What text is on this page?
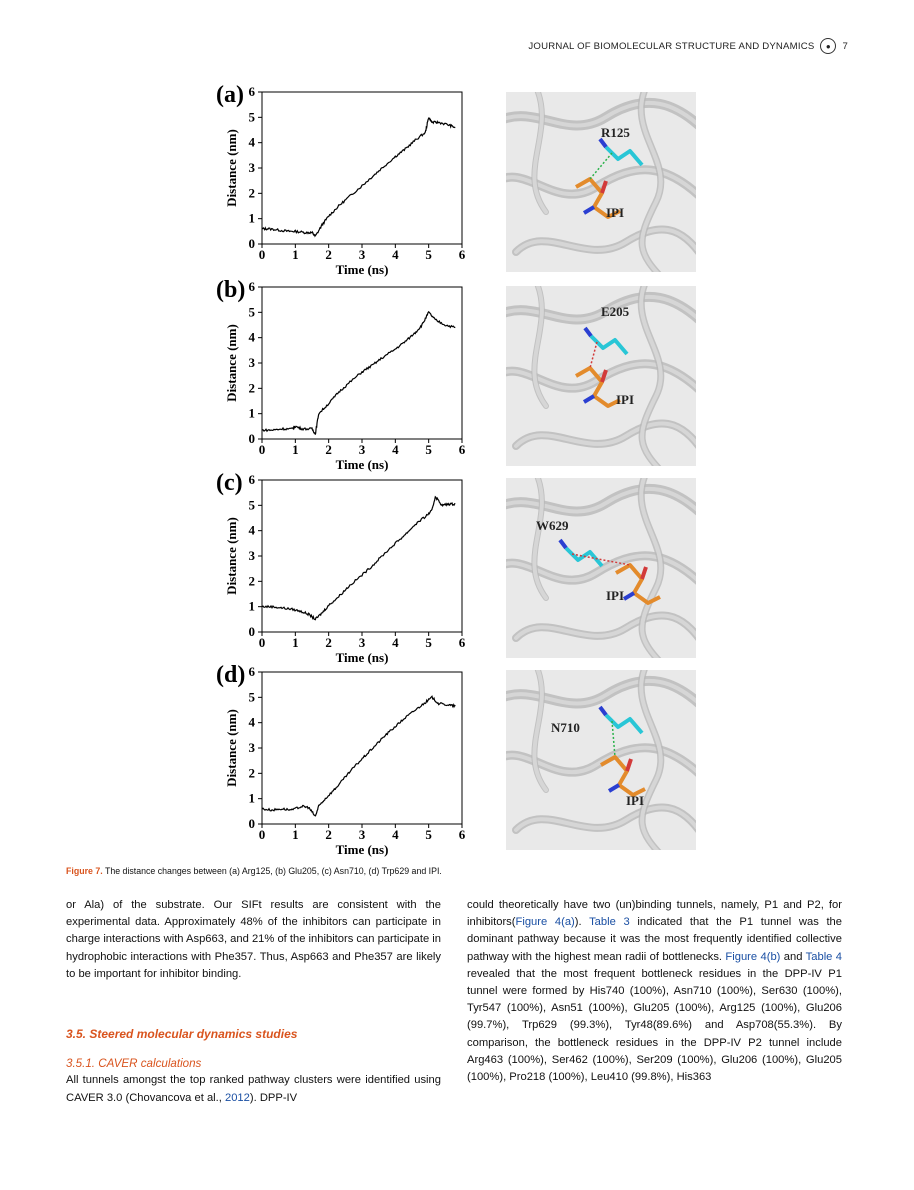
JOURNAL OF BIOMOLECULAR STRUCTURE AND DYNAMICS	●	7
(a)
0 1 2 3 4 5 6
0
1
2
3
4
5
6
Time (ns)
Distance (nm)
(b)
0 1 2 3 4 5 6
0
1
2
3
4
5
6
Time (ns)
Distance (nm)
(c)
0 1 2 3 4 5 6
0
1
2
3
4
5
6
Time (ns)
Distance (nm)
(d)
0 1 2 3 4 5 6
0
1
2
3
4
5
6
Time (ns)
Distance (nm)
R125
IPI
E205
IPI
W629
IPI
N710
IPI
Figure 7. The distance changes between (a) Arg125, (b) Glu205, (c) Asn710, (d) Trp629 and IPI.

or Ala) of the substrate. Our SIFt results are consistent with the experimental data. Approximately 48% of the inhibitors can participate in charge interactions with Asp663, and 21% of the inhibitors can participate in hydrophobic interactions with Phe357. Thus, Asp663 and Phe357 are likely to be important for inhibitor binding.

3.5. Steered molecular dynamics studies

3.5.1. CAVER calculations

All tunnels amongst the top ranked pathway clusters were identified using CAVER 3.0 (Chovancova et al., 2012). DPP-IV

could theoretically have two (un)binding tunnels, namely, P1 and P2, for inhibitors(Figure 4(a)). Table 3 indicated that the P1 tunnel was the dominant pathway because it was the most frequently identified collective pathway with the highest mean radii of bottlenecks. Figure 4(b) and Table 4 revealed that the most frequent bottleneck residues in the DPP-IV P1 tunnel were formed by His740 (100%), Asn710 (100%), Ser630 (100%), Tyr547 (100%), Asn51 (100%), Glu205 (100%), Arg125 (100%), Glu206 (99.7%), Trp629 (99.3%), Tyr48(89.6%) and Asp708(55.3%). By comparison, the bottleneck residues in the DPP-IV P2 tunnel include Arg463 (100%), Ser462 (100%), Ser209 (100%), Glu206 (100%), Glu205 (100%), Pro218 (100%), Leu410 (99.8%), His363
